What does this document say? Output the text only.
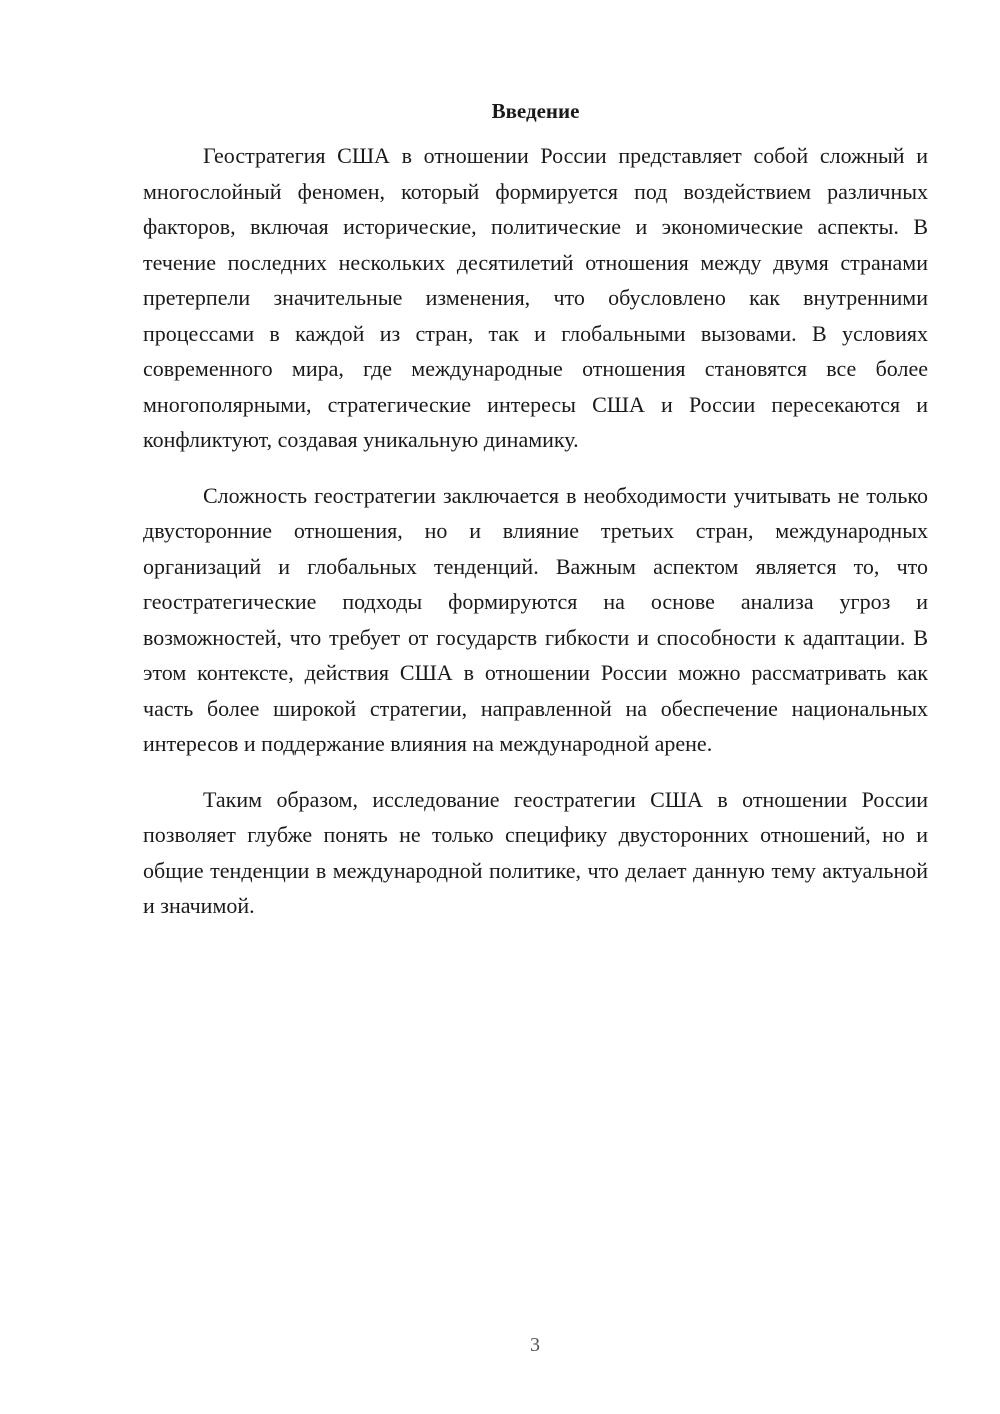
Введение

Геостратегия США в отношении России представляет собой сложный и многослойный феномен, который формируется под воздействием различных факторов, включая исторические, политические и экономические аспекты. В течение последних нескольких десятилетий отношения между двумя странами претерпели значительные изменения, что обусловлено как внутренними процессами в каждой из стран, так и глобальными вызовами. В условиях современного мира, где международные отношения становятся все более многополярными, стратегические интересы США и России пересекаются и конфликтуют, создавая уникальную динамику.

Сложность геостратегии заключается в необходимости учитывать не только двусторонние отношения, но и влияние третьих стран, международных организаций и глобальных тенденций. Важным аспектом является то, что геостратегические подходы формируются на основе анализа угроз и возможностей, что требует от государств гибкости и способности к адаптации. В этом контексте, действия США в отношении России можно рассматривать как часть более широкой стратегии, направленной на обеспечение национальных интересов и поддержание влияния на международной арене.

Таким образом, исследование геостратегии США в отношении России позволяет глубже понять не только специфику двусторонних отношений, но и общие тенденции в международной политике, что делает данную тему актуальной и значимой.

3
